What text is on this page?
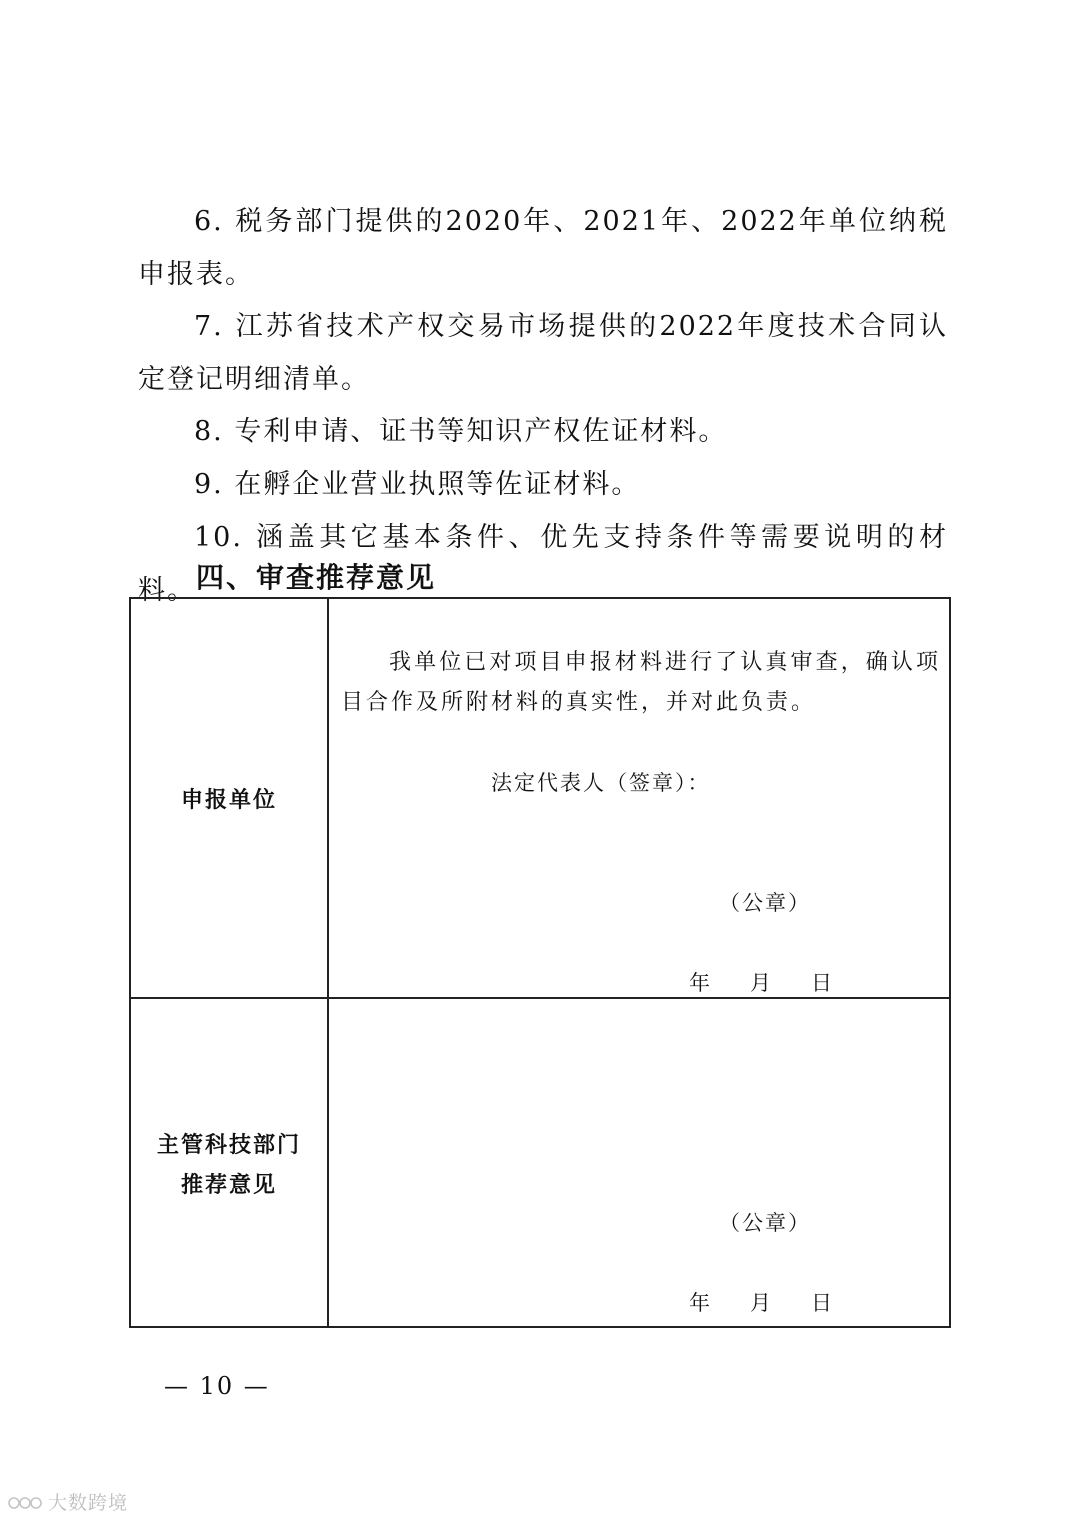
6. 税务部门提供的2020年、2021年、2022年单位纳税申报表。

7. 江苏省技术产权交易市场提供的2022年度技术合同认定登记明细清单。

8. 专利申请、证书等知识产权佐证材料。

9. 在孵企业营业执照等佐证材料。

10. 涵盖其它基本条件、优先支持条件等需要说明的材料。 四、审查推荐意见
申报单位
我单位已对项目申报材料进行了认真审查，确认项目合作及所附材料的真实性，并对此负责。
法定代表人（签章）：
（公章）
年 月 日
主管科技部门
推荐意见
（公章）
年 月 日
— 10 —
大数跨境
